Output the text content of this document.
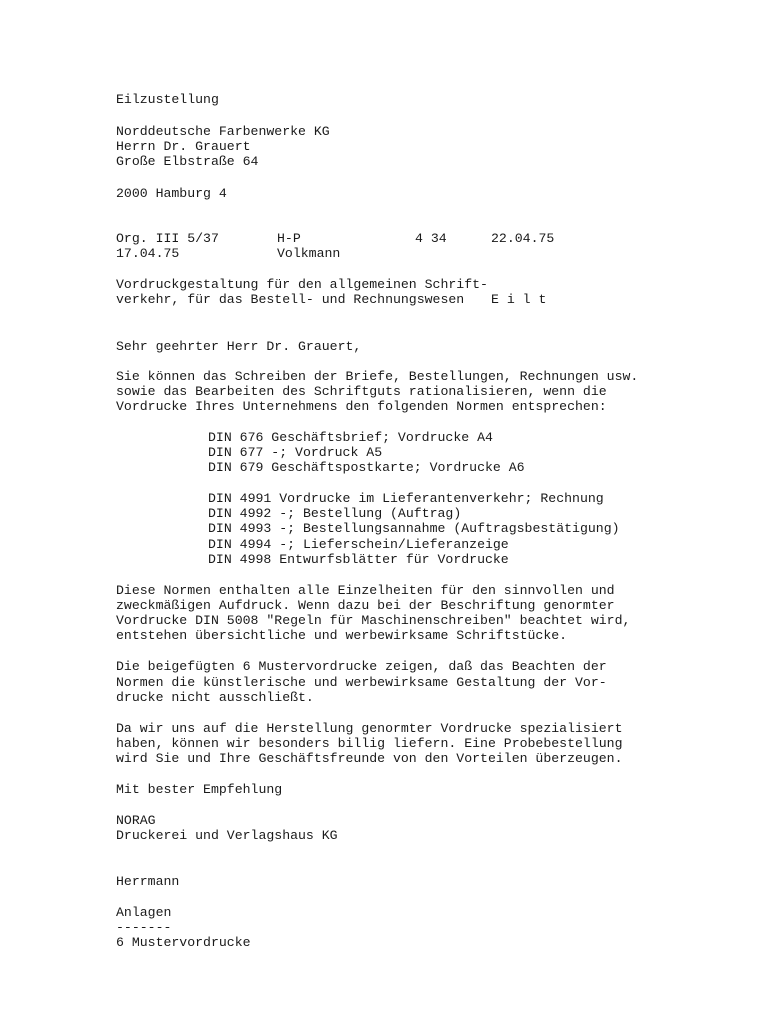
Eilzustellung
Norddeutsche Farbenwerke KG
Herrn Dr. Grauert
Große Elbstraße 64
2000 Hamburg 4
Org. III 5/37	H-P	4 34	22.04.75
17.04.75	Volkmann
Vordruckgestaltung für den allgemeinen Schrift-
verkehr, für das Bestell- und Rechnungswesen E i l t
Sehr geehrter Herr Dr. Grauert,
Sie können das Schreiben der Briefe, Bestellungen, Rechnungen usw.
sowie das Bearbeiten des Schriftguts rationalisieren, wenn die
Vordrucke Ihres Unternehmens den folgenden Normen entsprechen:
DIN 676 Geschäftsbrief; Vordrucke A4
DIN 677 -; Vordruck A5
DIN 679 Geschäftspostkarte; Vordrucke A6
DIN 4991 Vordrucke im Lieferantenverkehr; Rechnung
DIN 4992 -; Bestellung (Auftrag)
DIN 4993 -; Bestellungsannahme (Auftragsbestätigung)
DIN 4994 -; Lieferschein/Lieferanzeige
DIN 4998 Entwurfsblätter für Vordrucke
Diese Normen enthalten alle Einzelheiten für den sinnvollen und
zweckmäßigen Aufdruck. Wenn dazu bei der Beschriftung genormter
Vordrucke DIN 5008 "Regeln für Maschinenschreiben" beachtet wird,
entstehen übersichtliche und werbewirksame Schriftstücke.
Die beigefügten 6 Mustervordrucke zeigen, daß das Beachten der
Normen die künstlerische und werbewirksame Gestaltung der Vor-
drucke nicht ausschließt.
Da wir uns auf die Herstellung genormter Vordrucke spezialisiert
haben, können wir besonders billig liefern. Eine Probebestellung
wird Sie und Ihre Geschäftsfreunde von den Vorteilen überzeugen.
Mit bester Empfehlung
NORAG
Druckerei und Verlagshaus KG
Herrmann
Anlagen
-------
6 Mustervordrucke
